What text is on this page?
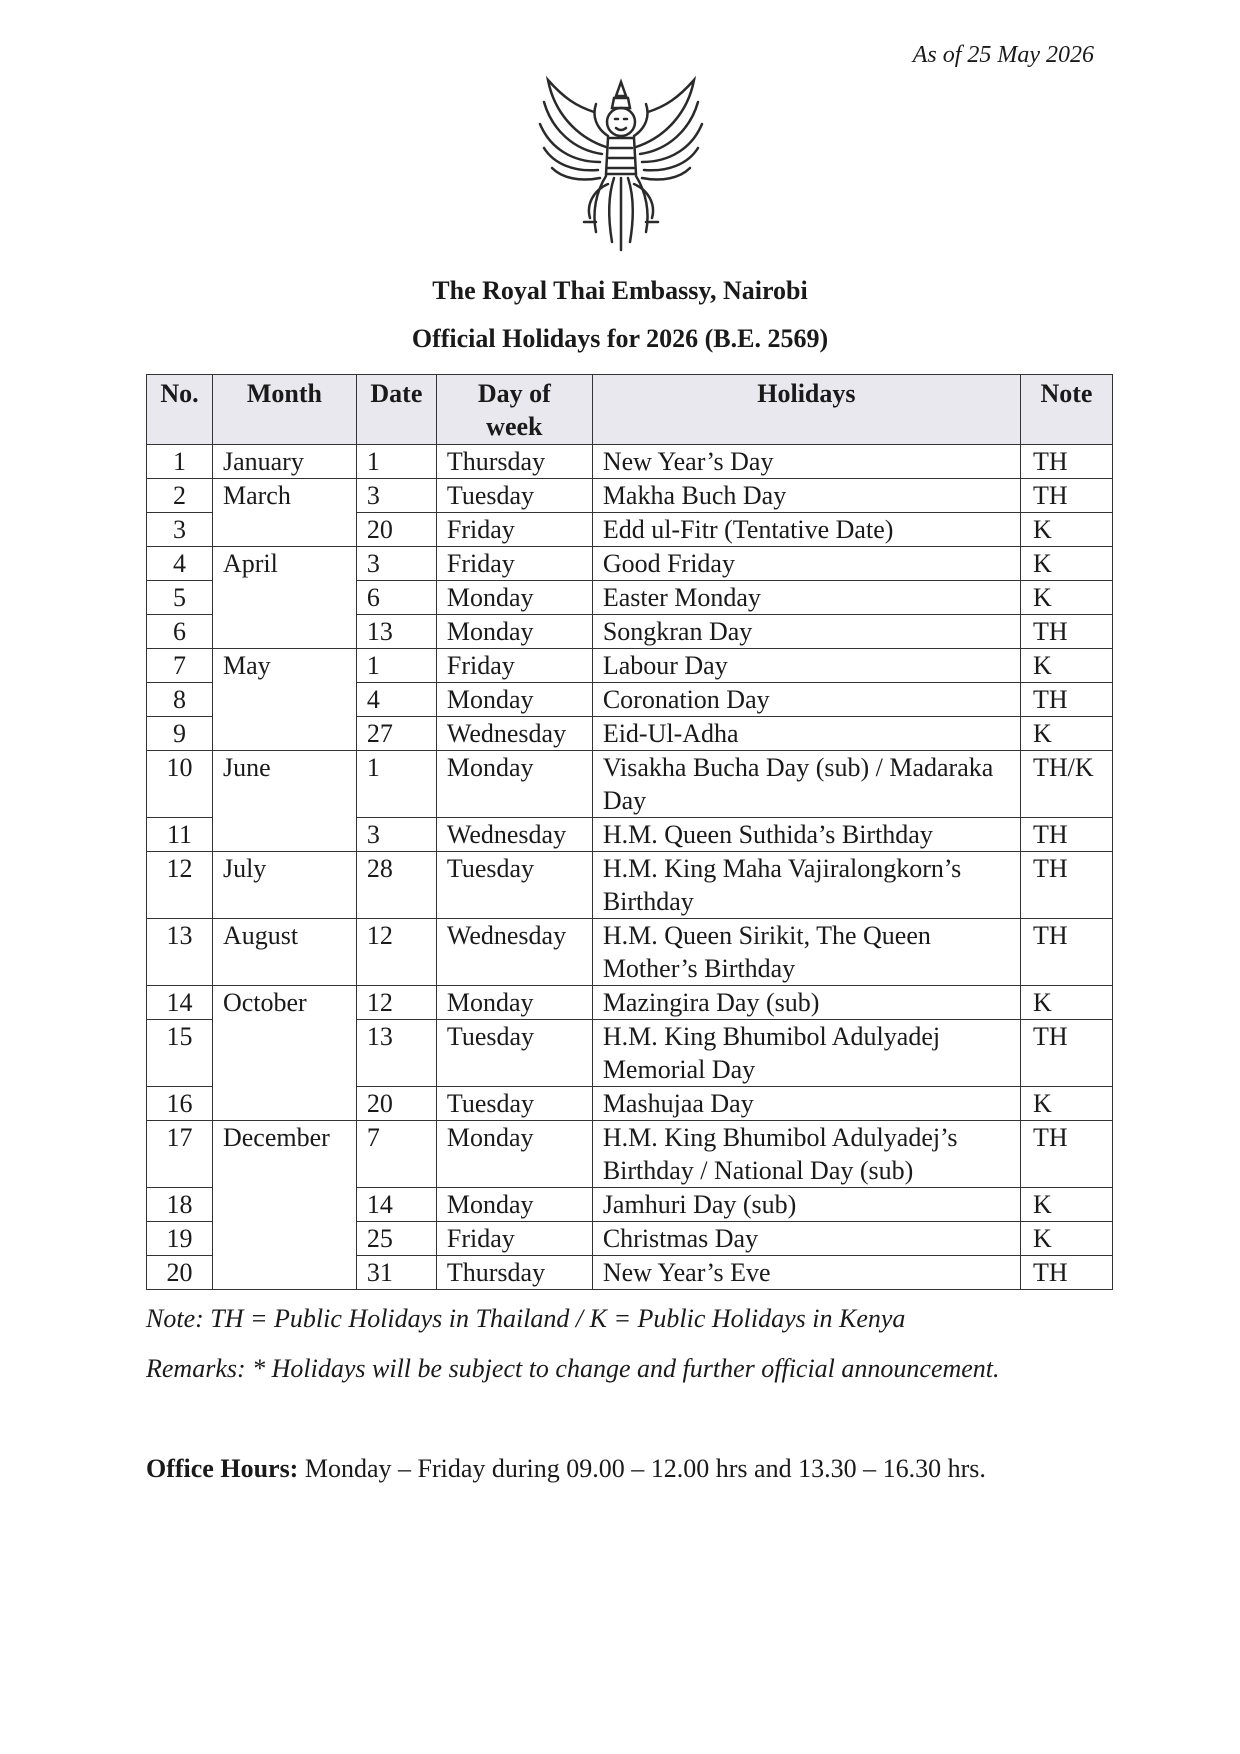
As of 25 May 2026
The Royal Thai Embassy, Nairobi
Official Holidays for 2026 (B.E. 2569)
No.	Month	Date	Day of week	Holidays	Note
1	January	1	Thursday	New Year’s Day	TH
2	March	3	Tuesday	Makha Buch Day	TH
3		20	Friday	Edd ul-Fitr (Tentative Date)	K
4	April	3	Friday	Good Friday	K
5		6	Monday	Easter Monday	K
6		13	Monday	Songkran Day	TH
7	May	1	Friday	Labour Day	K
8		4	Monday	Coronation Day	TH
9		27	Wednesday	Eid-Ul-Adha	K
10	June	1	Monday	Visakha Bucha Day (sub) / Madaraka Day	TH/K
11		3	Wednesday	H.M. Queen Suthida’s Birthday	TH
12	July	28	Tuesday	H.M. King Maha Vajiralongkorn’s Birthday	TH
13	August	12	Wednesday	H.M. Queen Sirikit, The Queen Mother’s Birthday	TH
14	October	12	Monday	Mazingira Day (sub)	K
15		13	Tuesday	H.M. King Bhumibol Adulyadej Memorial Day	TH
16		20	Tuesday	Mashujaa Day	K
17	December	7	Monday	H.M. King Bhumibol Adulyadej’s Birthday / National Day (sub)	TH
18		14	Monday	Jamhuri Day (sub)	K
19		25	Friday	Christmas Day	K
20		31	Thursday	New Year’s Eve	TH
Note: TH = Public Holidays in Thailand / K = Public Holidays in Kenya
Remarks: * Holidays will be subject to change and further official announcement.
Office Hours: Monday – Friday during 09.00 – 12.00 hrs and 13.30 – 16.30 hrs.
